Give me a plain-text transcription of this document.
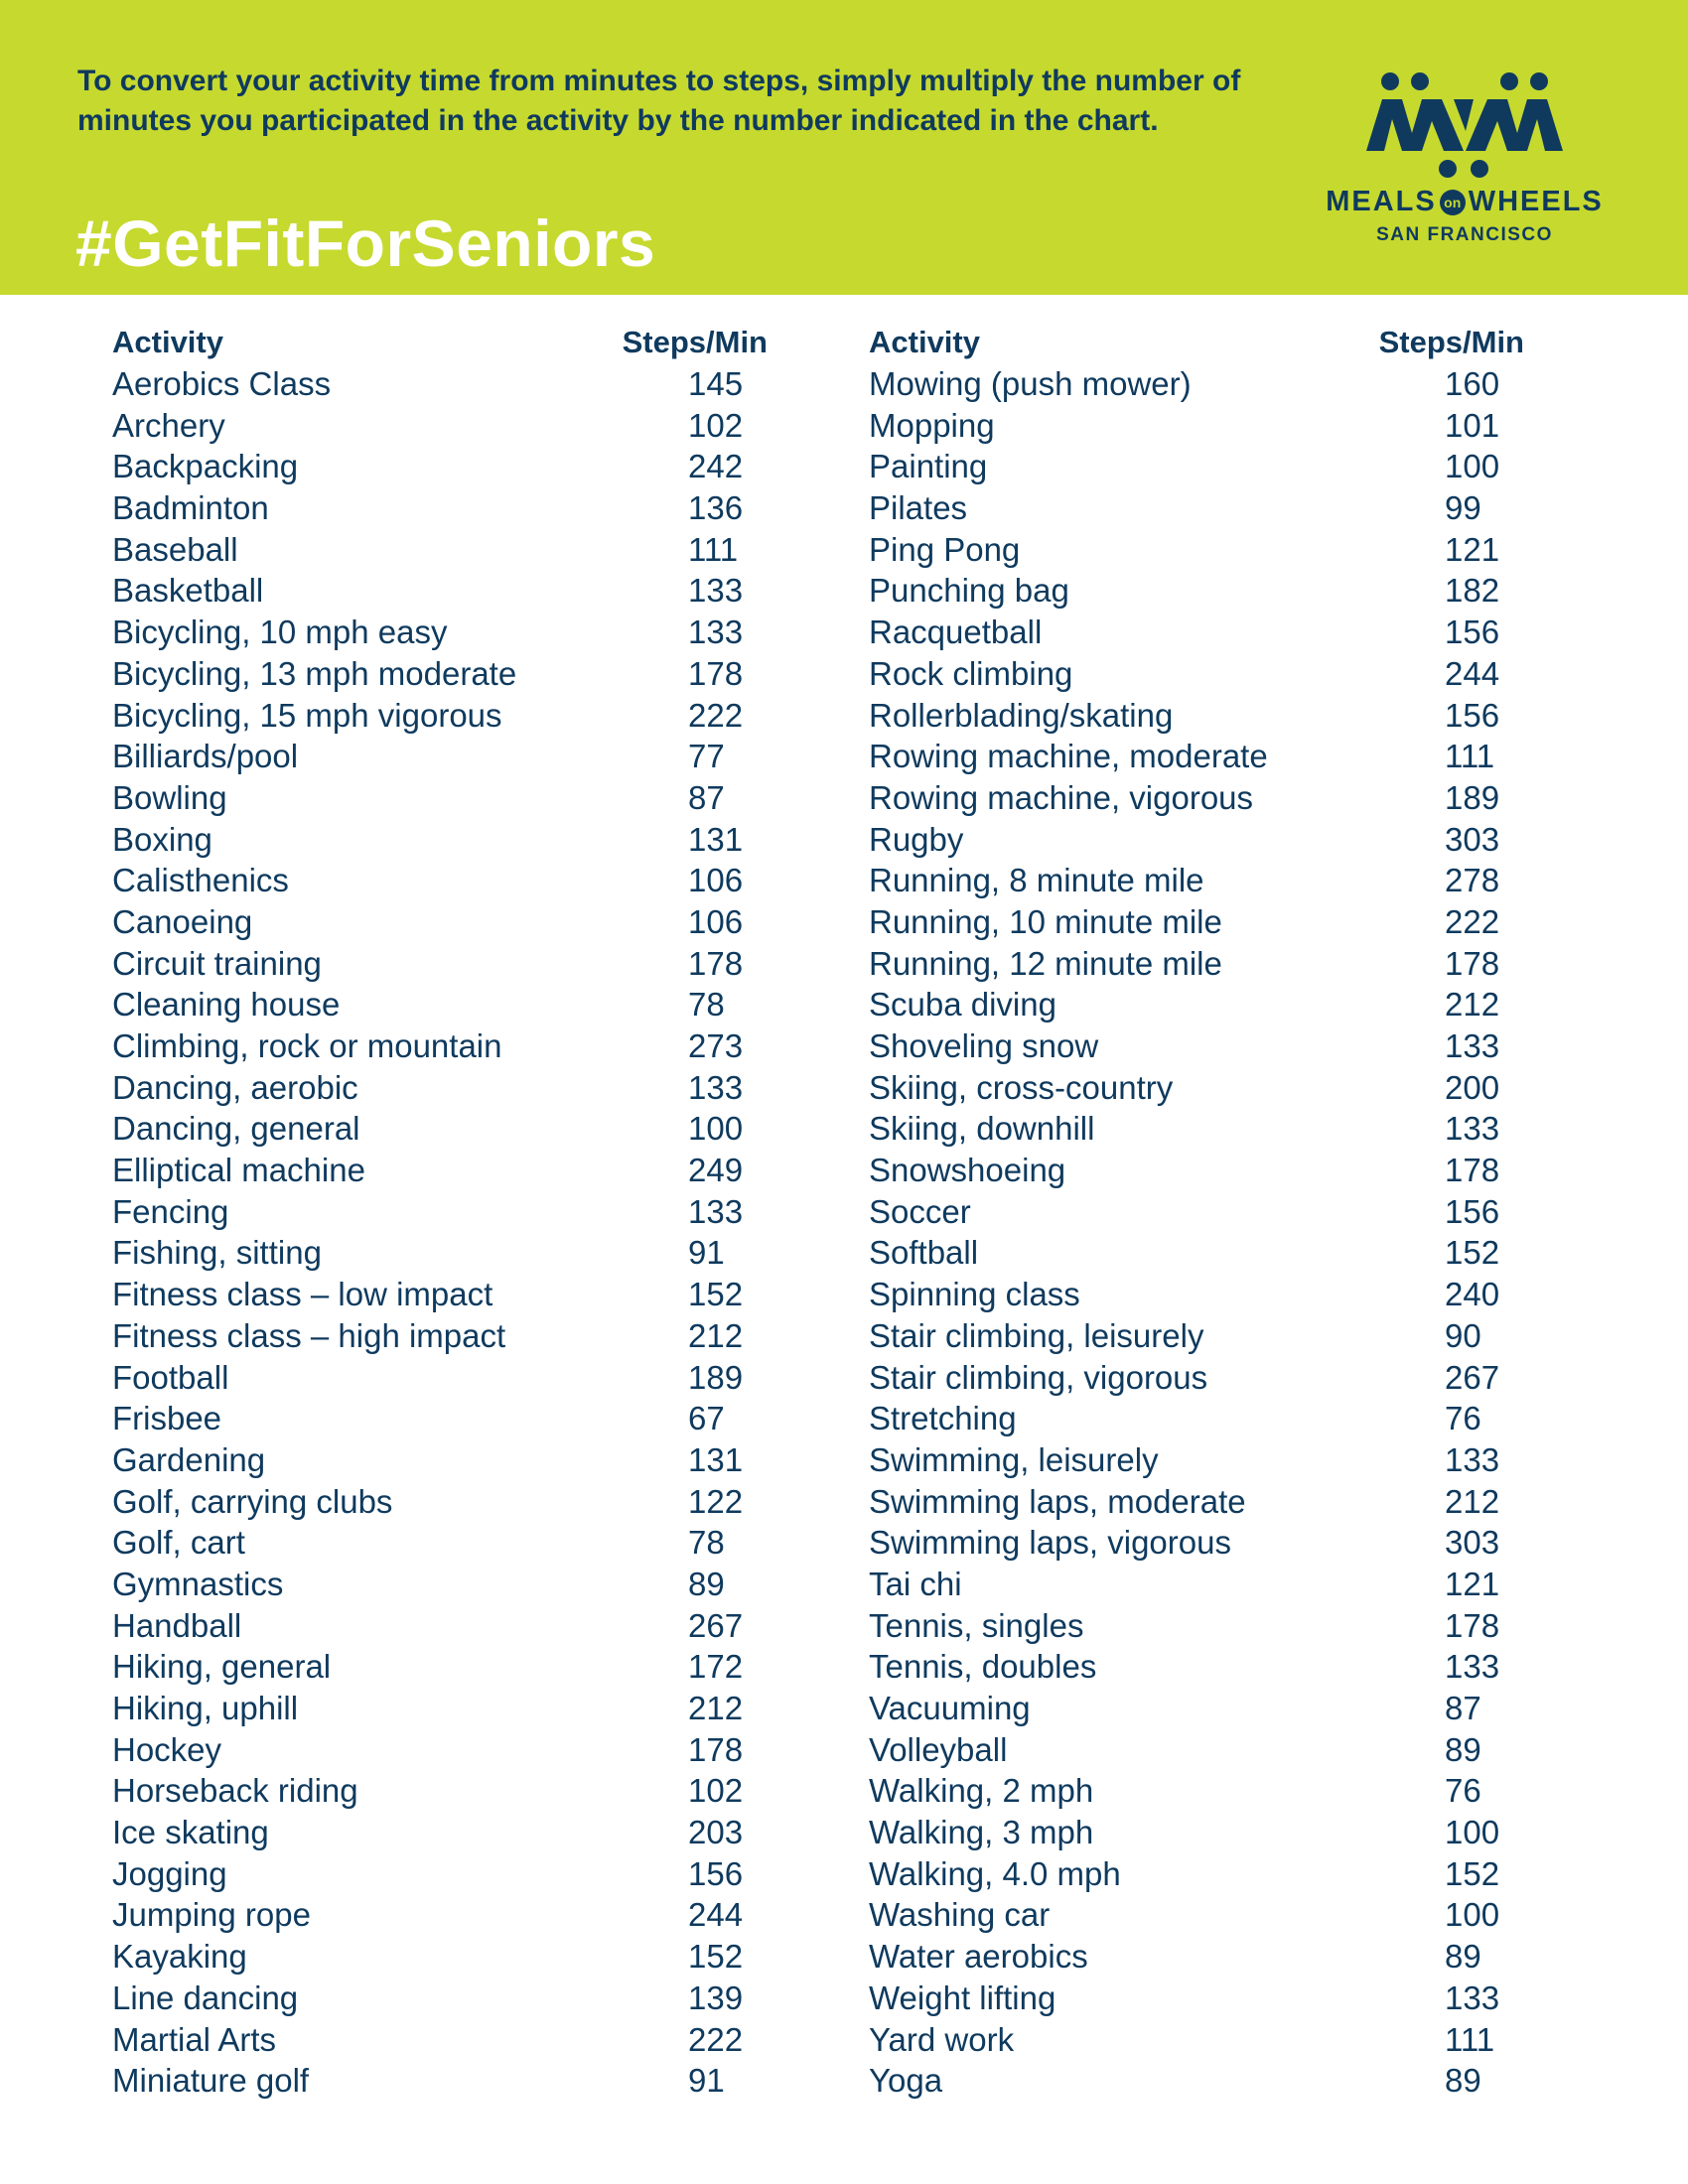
To convert your activity time from minutes to steps, simply multiply the number of minutes you participated in the activity by the number indicated in the chart.

#GetFitForSeniors

MEALS on WHEELS
SAN FRANCISCO
Activity	Steps/Min
Aerobics Class	145
Archery	102
Backpacking	242
Badminton	136
Baseball	111
Basketball	133
Bicycling, 10 mph easy	133
Bicycling, 13 mph moderate	178
Bicycling, 15 mph vigorous	222
Billiards/pool	77
Bowling	87
Boxing	131
Calisthenics	106
Canoeing	106
Circuit training	178
Cleaning house	78
Climbing, rock or mountain	273
Dancing, aerobic	133
Dancing, general	100
Elliptical machine	249
Fencing	133
Fishing, sitting	91
Fitness class – low impact	152
Fitness class – high impact	212
Football	189
Frisbee	67
Gardening	131
Golf, carrying clubs	122
Golf, cart	78
Gymnastics	89
Handball	267
Hiking, general	172
Hiking, uphill	212
Hockey	178
Horseback riding	102
Ice skating	203
Jogging	156
Jumping rope	244
Kayaking	152
Line dancing	139
Martial Arts	222
Miniature golf	91
Activity	Steps/Min
Mowing (push mower)	160
Mopping	101
Painting	100
Pilates	99
Ping Pong	121
Punching bag	182
Racquetball	156
Rock climbing	244
Rollerblading/skating	156
Rowing machine, moderate	111
Rowing machine, vigorous	189
Rugby	303
Running, 8 minute mile	278
Running, 10 minute mile	222
Running, 12 minute mile	178
Scuba diving	212
Shoveling snow	133
Skiing, cross-country	200
Skiing, downhill	133
Snowshoeing	178
Soccer	156
Softball	152
Spinning class	240
Stair climbing, leisurely	90
Stair climbing, vigorous	267
Stretching	76
Swimming, leisurely	133
Swimming laps, moderate	212
Swimming laps, vigorous	303
Tai chi	121
Tennis, singles	178
Tennis, doubles	133
Vacuuming	87
Volleyball	89
Walking, 2 mph	76
Walking, 3 mph	100
Walking, 4.0 mph	152
Washing car	100
Water aerobics	89
Weight lifting	133
Yard work	111
Yoga	89
